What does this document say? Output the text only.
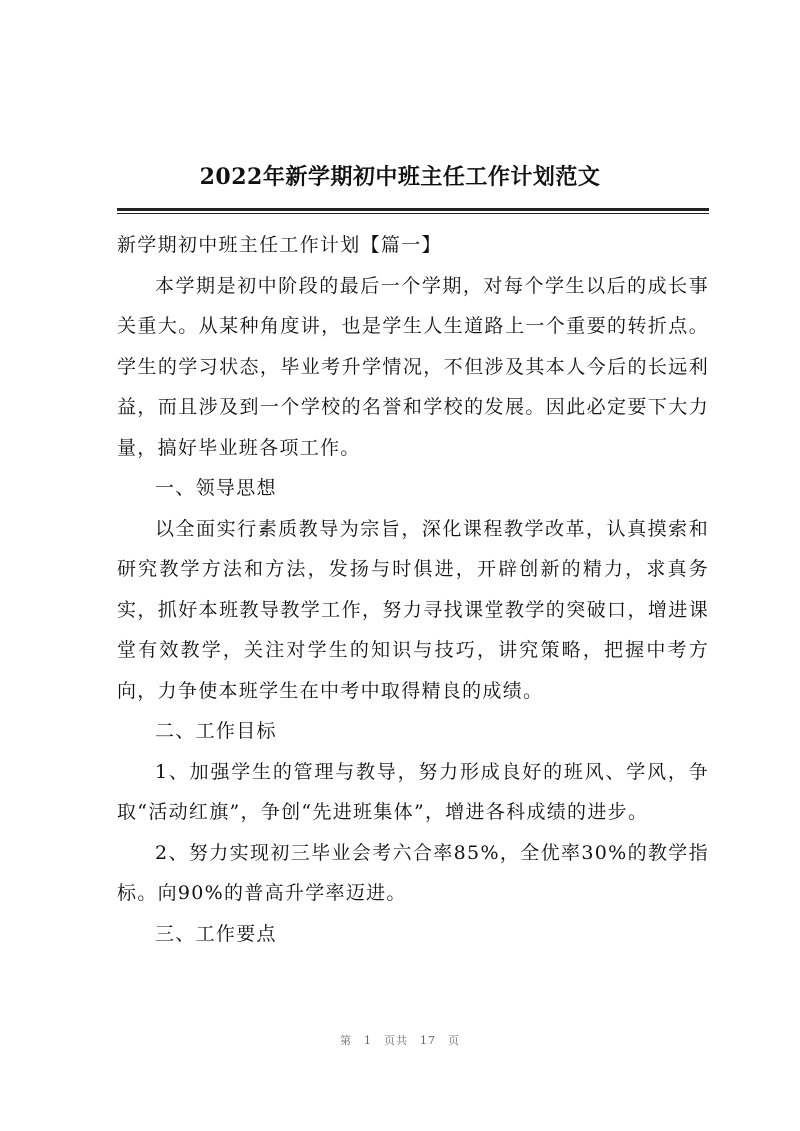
2022年新学期初中班主任工作计划范文

新学期初中班主任工作计划【篇一】

本学期是初中阶段的最后一个学期，对每个学生以后的成长事关重大。从某种角度讲，也是学生人生道路上一个重要的转折点。学生的学习状态，毕业考升学情况，不但涉及其本人今后的长远利益，而且涉及到一个学校的名誉和学校的发展。因此必定要下大力量，搞好毕业班各项工作。

一、领导思想

以全面实行素质教导为宗旨，深化课程教学改革，认真摸索和研究教学方法和方法，发扬与时俱进，开辟创新的精力，求真务实，抓好本班教导教学工作，努力寻找课堂教学的突破口，增进课堂有效教学，关注对学生的知识与技巧，讲究策略，把握中考方向，力争使本班学生在中考中取得精良的成绩。

二、工作目标

1、加强学生的管理与教导，努力形成良好的班风、学风，争取“活动红旗”，争创“先进班集体”，增进各科成绩的进步。

2、努力实现初三毕业会考六合率85%，全优率30%的教学指标。向90%的普高升学率迈进。

三、工作要点

第 1 页共 17 页
